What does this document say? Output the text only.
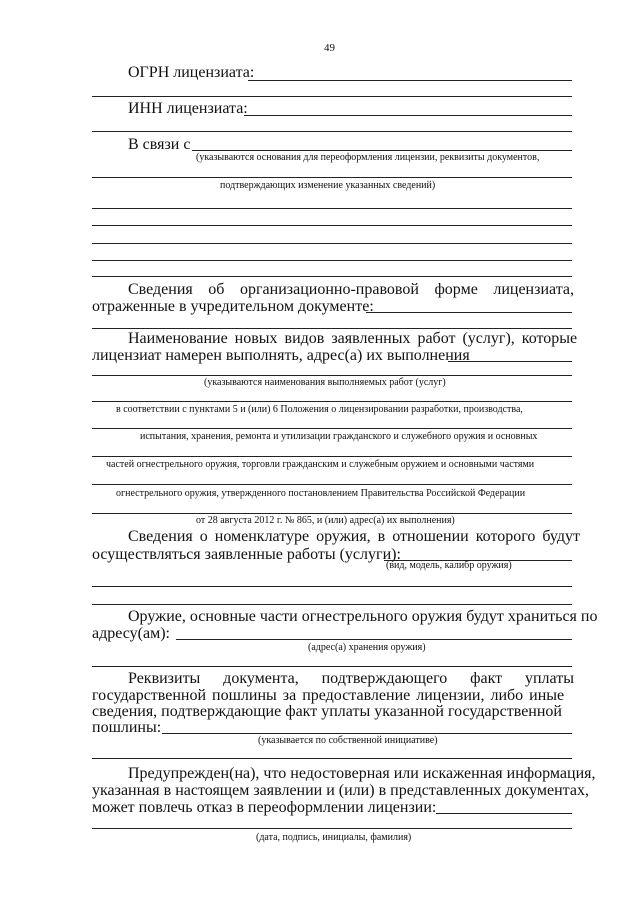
49
ОГРН лицензиата:
ИНН лицензиата:
В связи с
(указываются основания для переоформления лицензии, реквизиты документов,
подтверждающих изменение указанных сведений)
Сведения об организационно-правовой форме лицензиата,
отраженные в учредительном документе:
Наименование новых видов заявленных работ (услуг), которые
лицензиат намерен выполнять, адрес(а) их выполнения
(указываются наименования выполняемых работ (услуг)
в соответствии с пунктами 5 и (или) 6 Положения о лицензировании разработки, производства,
испытания, хранения, ремонта и утилизации гражданского и служебного оружия и основных
частей огнестрельного оружия, торговли гражданским и служебным оружием и основными частями
огнестрельного оружия, утвержденного постановлением Правительства Российской Федерации
от 28 августа 2012 г. № 865, и (или) адрес(а) их выполнения)
Сведения о номенклатуре оружия, в отношении которого будут
осуществляться заявленные работы (услуги):
(вид, модель, калибр оружия)
Оружие, основные части огнестрельного оружия будут храниться по
адресу(ам):
(адрес(а) хранения оружия)
Реквизиты документа, подтверждающего факт уплаты
государственной пошлины за предоставление лицензии, либо иные
сведения, подтверждающие факт уплаты указанной государственной
пошлины:
(указывается по собственной инициативе)
Предупрежден(на), что недостоверная или искаженная информация,
указанная в настоящем заявлении и (или) в представленных документах,
может повлечь отказ в переоформлении лицензии:
(дата, подпись, инициалы, фамилия)
